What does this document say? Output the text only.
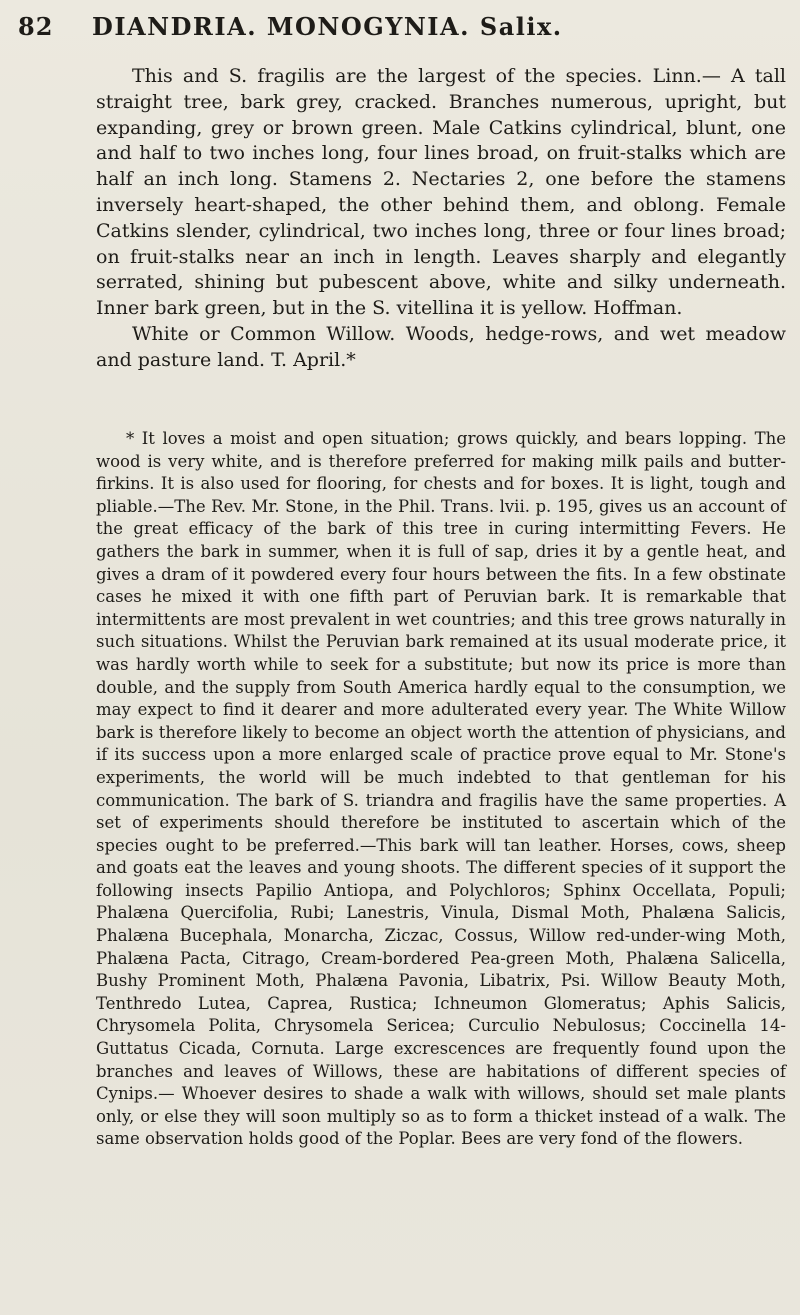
82 DIANDRIA. MONOGYNIA. Salix.

This and S. fragilis are the largest of the species. Linn.— A tall straight tree, bark grey, cracked. Branches numerous, upright, but expanding, grey or brown green. Male Catkins cylindrical, blunt, one and half to two inches long, four lines broad, on fruit-stalks which are half an inch long. Stamens 2. Nectaries 2, one before the stamens inversely heart-shaped, the other behind them, and oblong. Female Catkins slender, cylindrical, two inches long, three or four lines broad; on fruit-stalks near an inch in length. Leaves sharply and elegantly serrated, shining but pubescent above, white and silky underneath. Inner bark green, but in the S. vitellina it is yellow. Hoffman.

White or Common Willow. Woods, hedge-rows, and wet meadow and pasture land. T. April.*

* It loves a moist and open situation; grows quickly, and bears lopping. The wood is very white, and is therefore preferred for making milk pails and butter-firkins. It is also used for flooring, for chests and for boxes. It is light, tough and pliable.—The Rev. Mr. Stone, in the Phil. Trans. lvii. p. 195, gives us an account of the great efficacy of the bark of this tree in curing intermitting Fevers. He gathers the bark in summer, when it is full of sap, dries it by a gentle heat, and gives a dram of it powdered every four hours between the fits. In a few obstinate cases he mixed it with one fifth part of Peruvian bark. It is remarkable that intermittents are most prevalent in wet countries; and this tree grows naturally in such situations. Whilst the Peruvian bark remained at its usual moderate price, it was hardly worth while to seek for a substitute; but now its price is more than double, and the supply from South America hardly equal to the consumption, we may expect to find it dearer and more adulterated every year. The White Willow bark is therefore likely to become an object worth the attention of physicians, and if its success upon a more enlarged scale of practice prove equal to Mr. Stone's experiments, the world will be much indebted to that gentleman for his communication. The bark of S. triandra and fragilis have the same properties. A set of experiments should therefore be instituted to ascertain which of the species ought to be preferred.—This bark will tan leather. Horses, cows, sheep and goats eat the leaves and young shoots. The different species of it support the following insects Papilio Antiopa, and Polychloros; Sphinx Occellata, Populi; Phalæna Quercifolia, Rubi; Lanestris, Vinula, Dismal Moth, Phalæna Salicis, Phalæna Bucephala, Monarcha, Ziczac, Cossus, Willow red-under-wing Moth, Phalæna Pacta, Citrago, Cream-bordered Pea-green Moth, Phalæna Salicella, Bushy Prominent Moth, Phalæna Pavonia, Libatrix, Psi. Willow Beauty Moth, Tenthredo Lutea, Caprea, Rustica; Ichneumon Glomeratus; Aphis Salicis, Chrysomela Polita, Chrysomela Sericea; Curculio Nebulosus; Coccinella 14-Guttatus Cicada, Cornuta. Large excrescences are frequently found upon the branches and leaves of Willows, these are habitations of different species of Cynips.— Whoever desires to shade a walk with willows, should set male plants only, or else they will soon multiply so as to form a thicket instead of a walk. The same observation holds good of the Poplar. Bees are very fond of the flowers.
